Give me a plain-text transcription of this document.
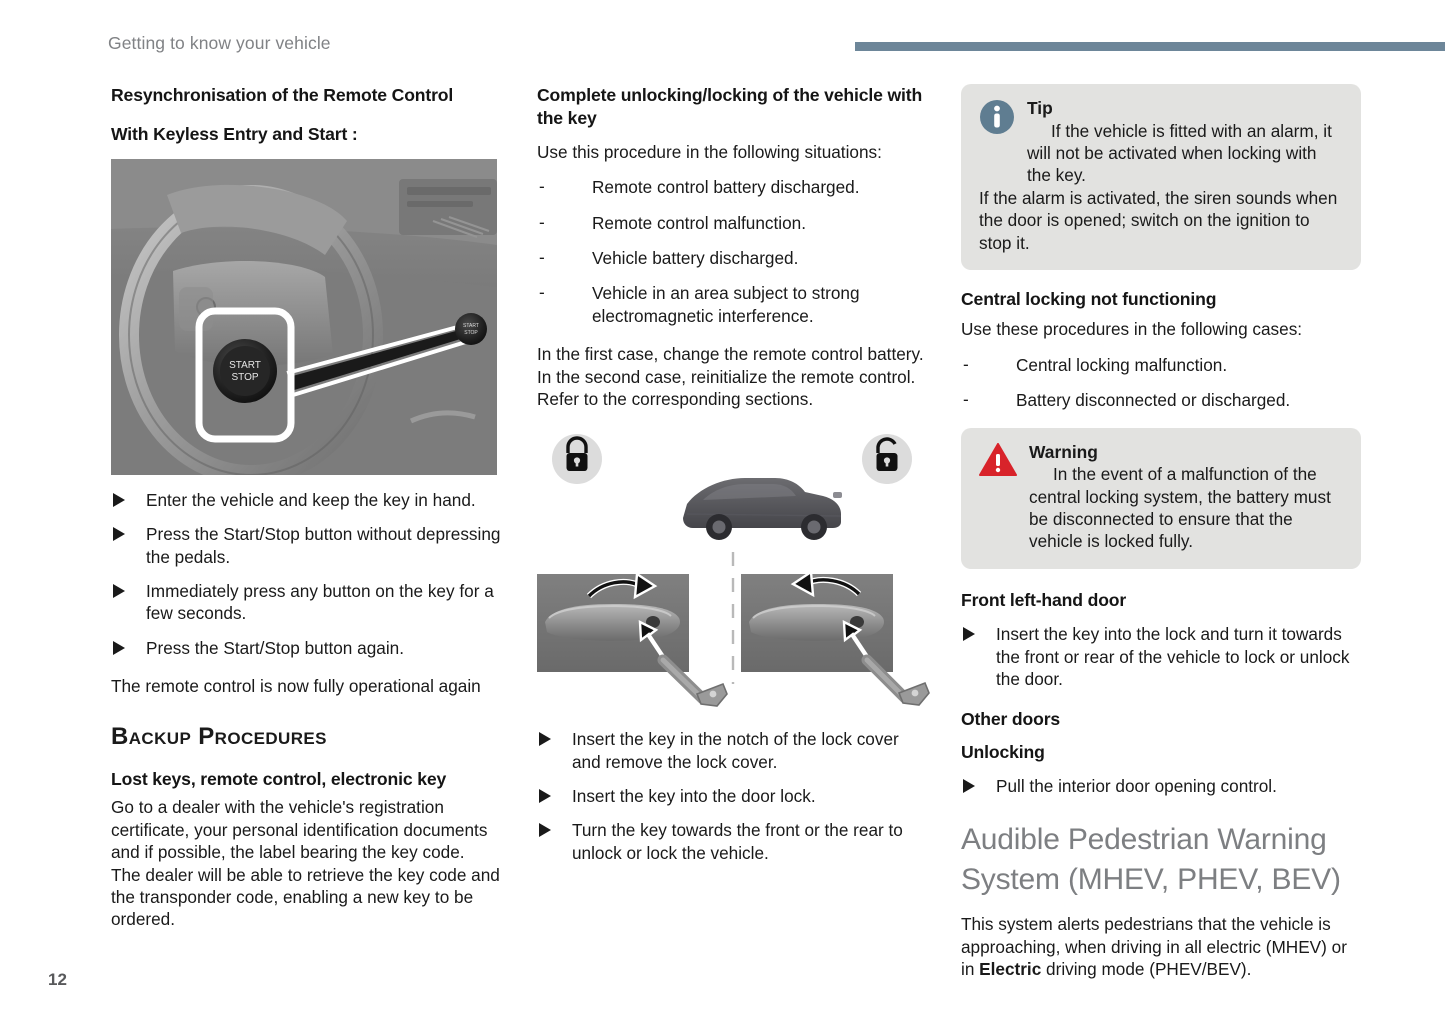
Getting to know your vehicle
12
Resynchronisation of the Remote Control
With Keyless Entry and Start :
START
STOP
START
STOP
Enter the vehicle and keep the key in hand.
Press the Start/Stop button without depressing the pedals.
Immediately press any button on the key for a few seconds.
Press the Start/Stop button again.

The remote control is now fully operational again

Backup Procedures
Lost keys, remote control, electronic key

Go to a dealer with the vehicle's registration certificate, your personal identification documents and if possible, the label bearing the key code.

The dealer will be able to retrieve the key code and the transponder code, enabling a new key to be ordered.

Complete unlocking/locking of the vehicle with the key

Use this procedure in the following situations:

-	Remote control battery discharged.
-	Remote control malfunction.
-	Vehicle battery discharged.
-	Vehicle in an area subject to strong electromagnetic interference.

In the first case, change the remote control battery.

In the second case, reinitialize the remote control.

Refer to the corresponding sections.

Insert the key in the notch of the lock cover and remove the lock cover.
Insert the key into the door lock.
Turn the key towards the front or the rear to unlock or lock the vehicle.
Tip
If the vehicle is fitted with an alarm, it will not be activated when locking with the key.

If the alarm is activated, the siren sounds when the door is opened; switch on the ignition to stop it.

Central locking not functioning

Use these procedures in the following cases:

-	Central locking malfunction.
-	Battery disconnected or discharged.
Warning
In the event of a malfunction of the central locking system, the battery must be disconnected to ensure that the vehicle is locked fully.
Front left-hand door
Insert the key into the lock and turn it towards the front or rear of the vehicle to lock or unlock the door.
Other doors
Unlocking
Pull the interior door opening control.
Audible Pedestrian Warning System (MHEV, PHEV, BEV)

This system alerts pedestrians that the vehicle is approaching, when driving in all electric (MHEV) or in Electric driving mode (PHEV/BEV).
